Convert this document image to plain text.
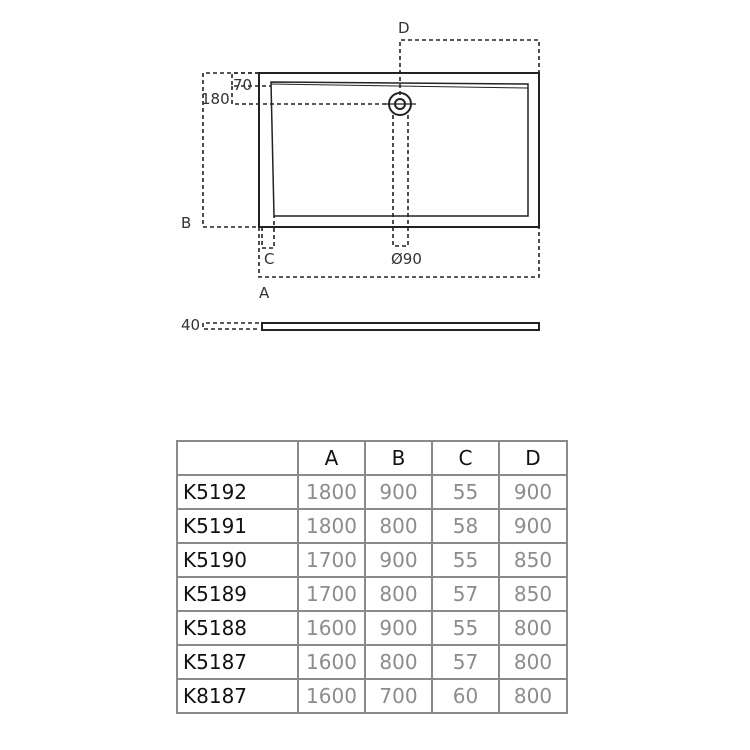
D
70
180
B
C	Ø90
A
40
	A	B	C	D
K5192	1800	900	55	900
K5191	1800	800	58	900
K5190	1700	900	55	850
K5189	1700	800	57	850
K5188	1600	900	55	800
K5187	1600	800	57	800
K8187	1600	700	60	800
